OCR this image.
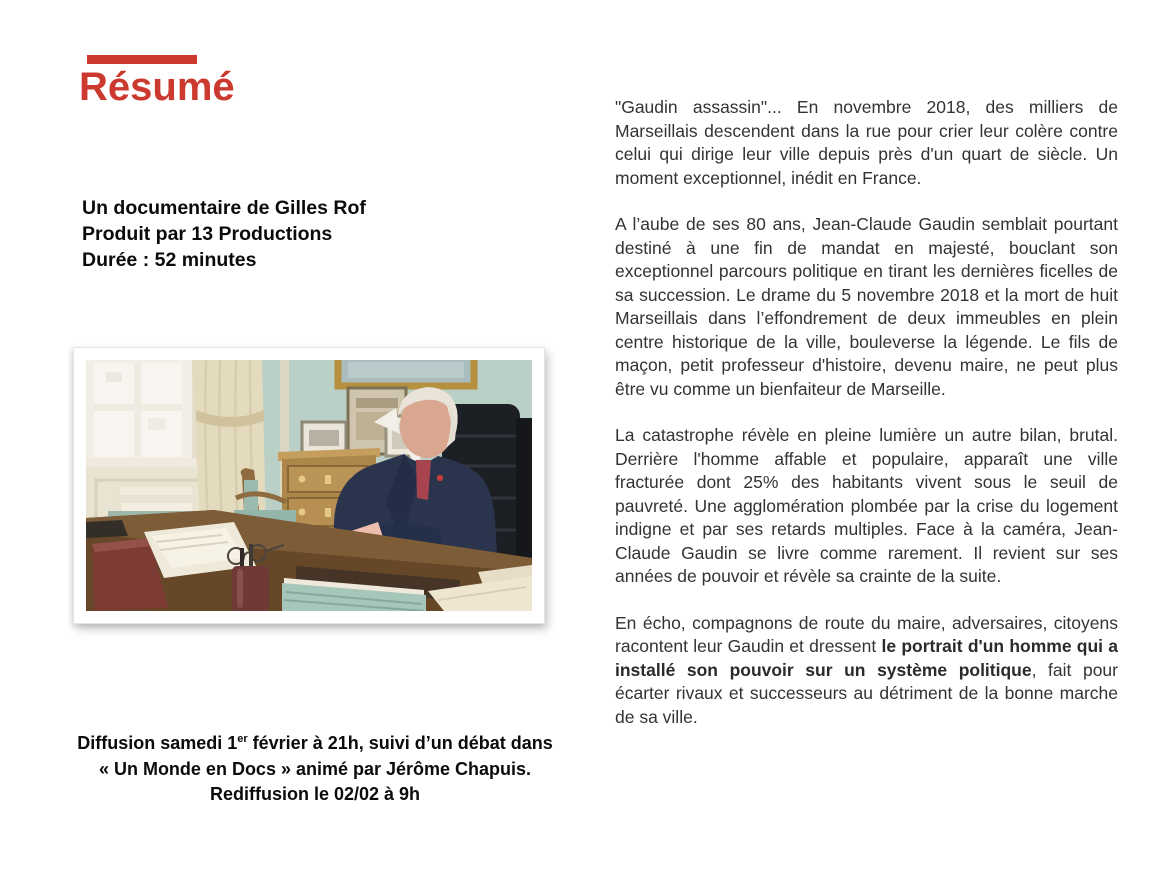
Résumé
Un documentaire de Gilles Rof
Produit par 13 Productions
Durée : 52 minutes
Diffusion samedi 1er février à 21h, suivi d’un débat dans
« Un Monde en Docs » animé par Jérôme Chapuis.
Rediffusion le 02/02 à 9h

"Gaudin assassin"... En novembre 2018, des milliers de Marseillais descendent dans la rue pour crier leur colère contre celui qui dirige leur ville depuis près d'un quart de siècle. Un moment exceptionnel, inédit en France.

A l’aube de ses 80 ans, Jean-Claude Gaudin semblait pourtant destiné à une fin de mandat en majesté, bouclant son exceptionnel parcours politique en tirant les dernières ficelles de sa succession. Le drame du 5 novembre 2018 et la mort de huit Marseillais dans l’effondrement de deux immeubles en plein centre historique de la ville, bouleverse la légende. Le fils de maçon, petit professeur d'histoire, devenu maire, ne peut plus être vu comme un bienfaiteur de Marseille.

La catastrophe révèle en pleine lumière un autre bilan, brutal. Derrière l'homme affable et populaire, apparaît une ville fracturée dont 25% des habitants vivent sous le seuil de pauvreté. Une agglomération plombée par la crise du logement indigne et par ses retards multiples. Face à la caméra, Jean-Claude Gaudin se livre comme rarement. Il revient sur ses années de pouvoir et révèle sa crainte de la suite.

En écho, compagnons de route du maire, adversaires, citoyens racontent leur Gaudin et dressent le portrait d'un homme qui a installé son pouvoir sur un système politique, fait pour écarter rivaux et successeurs au détriment de la bonne marche de sa ville.
